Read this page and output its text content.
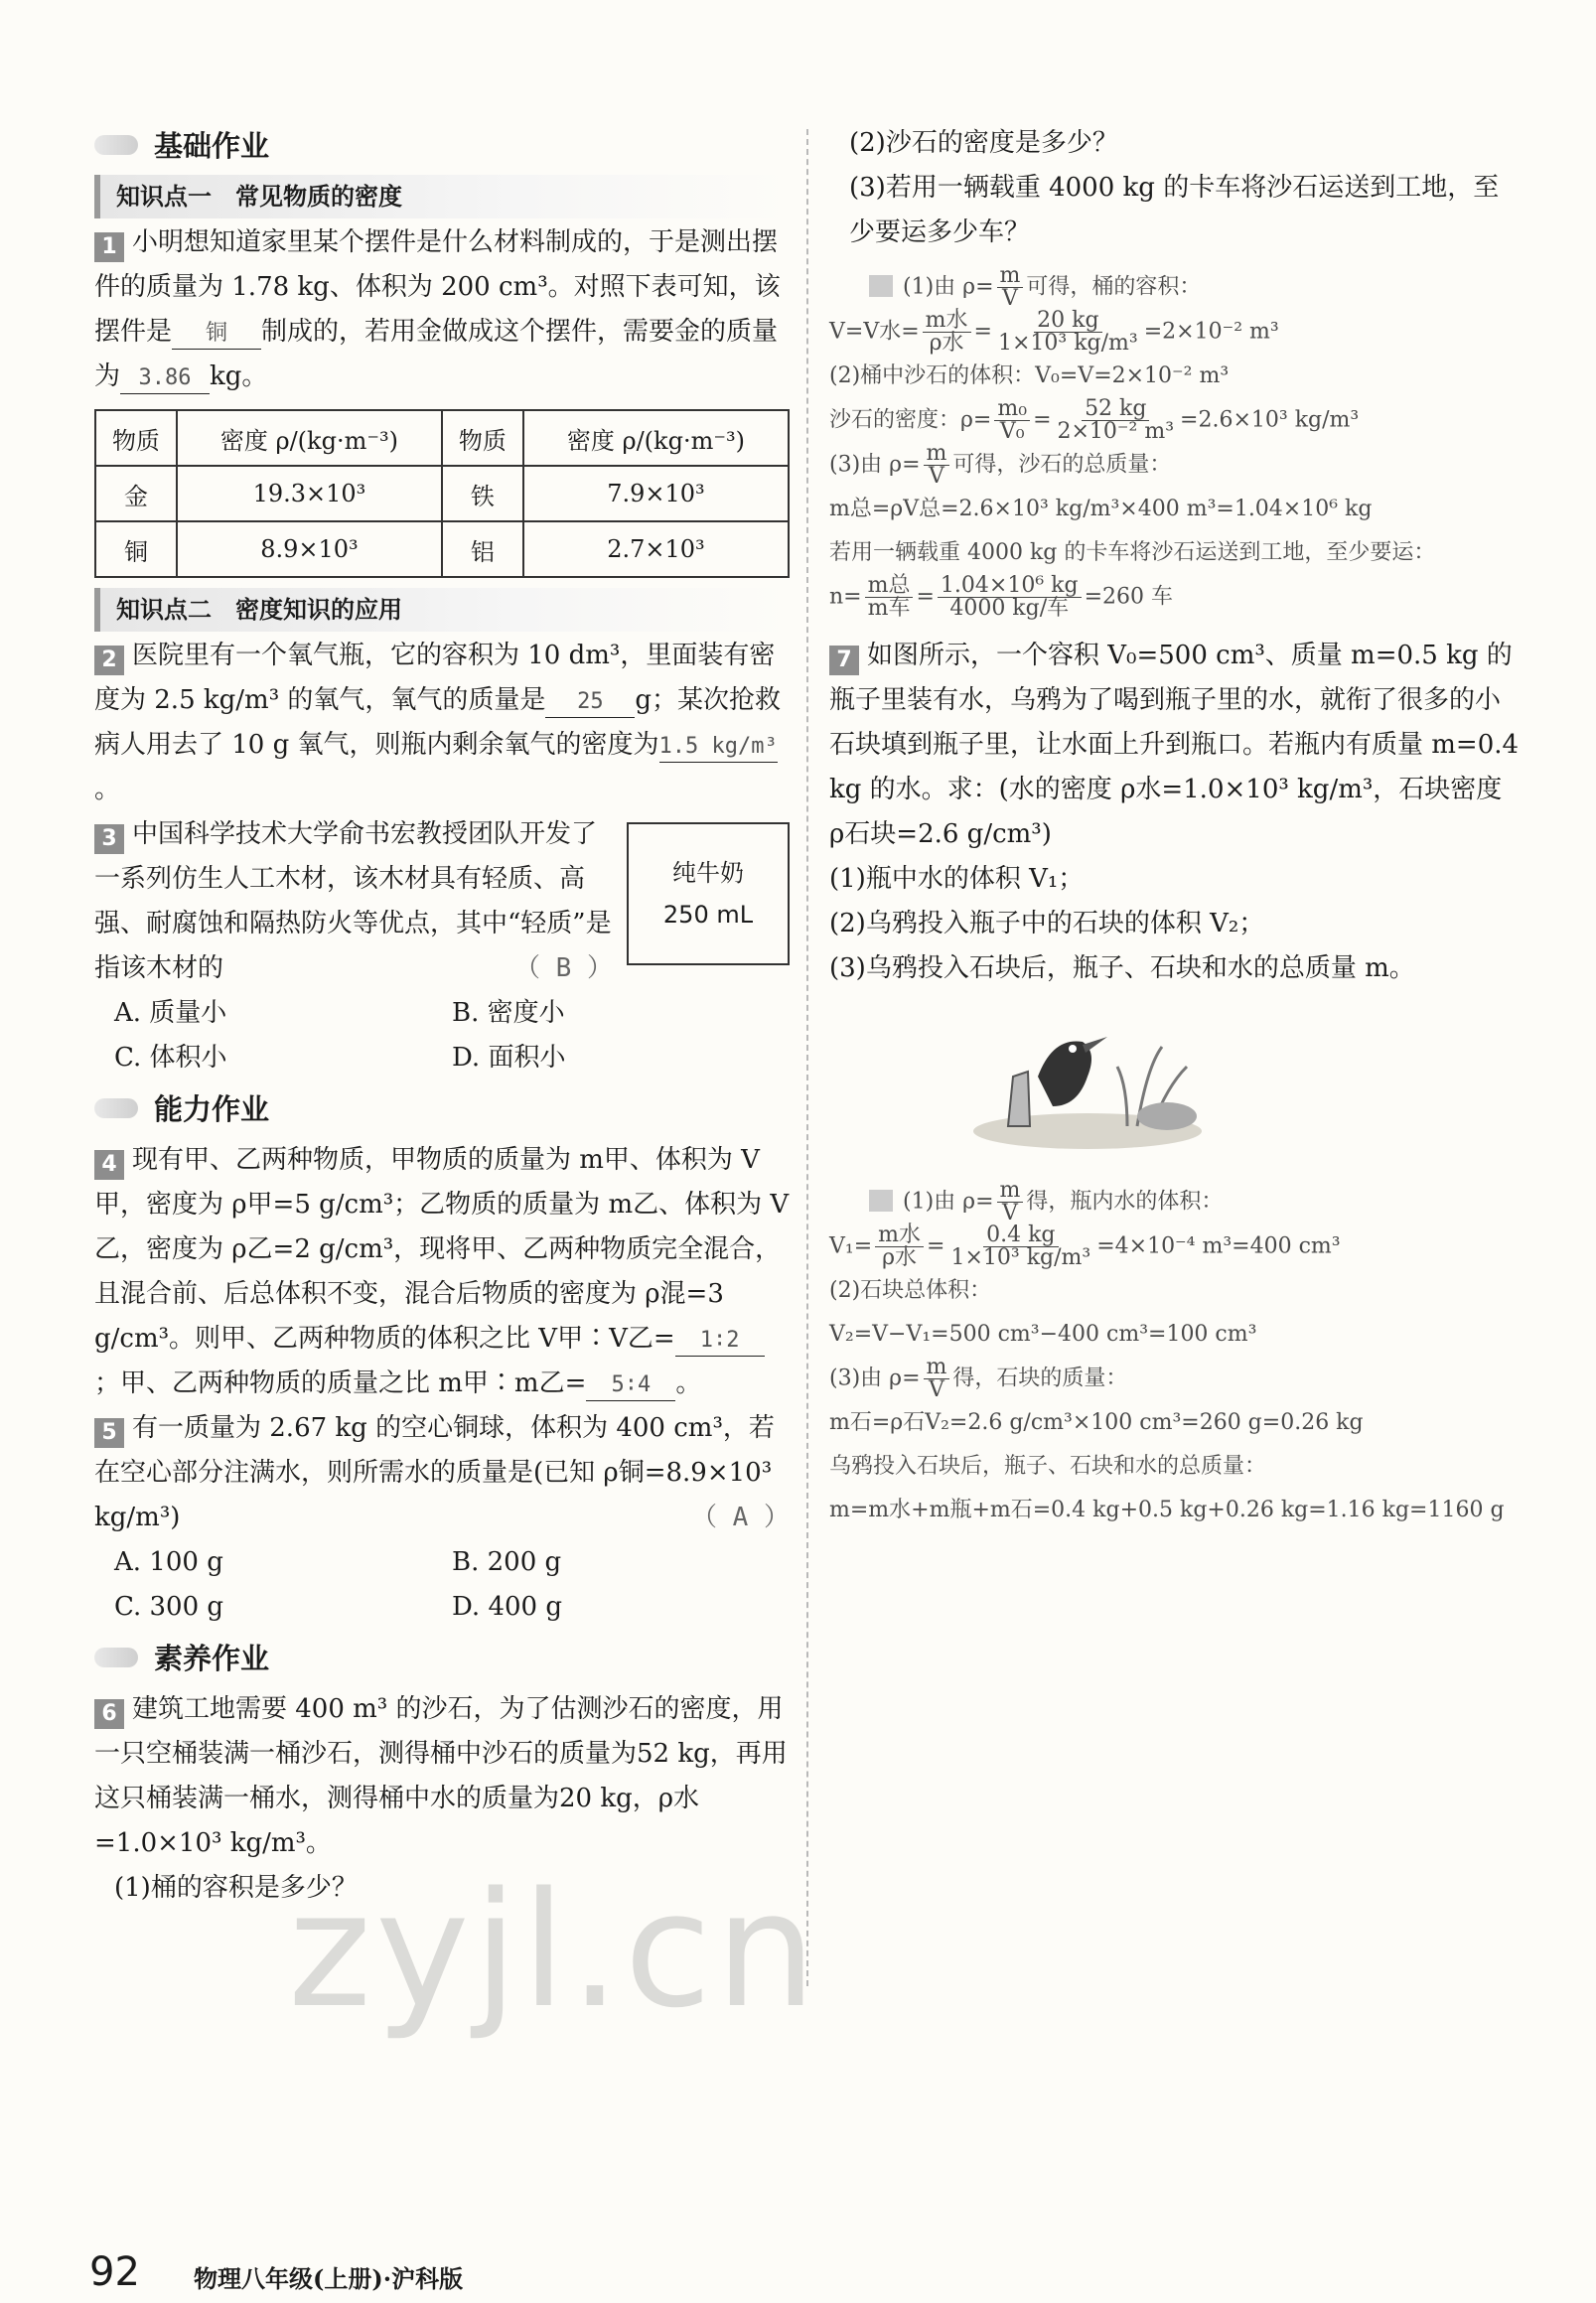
基础作业
知识点一　常见物质的密度

1 小明想知道家里某个摆件是什么材料制成的，于是测出摆件的质量为 1.78 kg、体积为 200 cm³。对照下表可知，该摆件是 铜 制成的，若用金做成这个摆件，需要金的质量为 3.86 kg。

物质	密度 ρ/(kg·m⁻³)	物质	密度 ρ/(kg·m⁻³)
金	19.3×10³	铁	7.9×10³
铜	8.9×10³	铝	2.7×10³
知识点二　密度知识的应用

2 医院里有一个氧气瓶，它的容积为 10 dm³，里面装有密度为 2.5 kg/m³ 的氧气，氧气的质量是 25 g；某次抢救病人用去了 10 g 氧气，则瓶内剩余氧气的密度为1.5 kg/m³。

纯牛奶
250 mL

3 中国科学技术大学俞书宏教授团队开发了一系列仿生人工木材，该木材具有轻质、高强、耐腐蚀和隔热防火等优点，其中“轻质”是指该木材的	（ B ）

A. 质量小	B. 密度小
C. 体积小	D. 面积小
能力作业

4 现有甲、乙两种物质，甲物质的质量为 m甲、体积为 V甲，密度为 ρ甲=5 g/cm³；乙物质的质量为 m乙、体积为 V乙，密度为 ρ乙=2 g/cm³，现将甲、乙两种物质完全混合，且混合前、后总体积不变，混合后物质的密度为 ρ混=3 g/cm³。则甲、乙两种物质的体积之比 V甲∶V乙= 1∶2；甲、乙两种物质的质量之比 m甲∶m乙= 5∶4 。

5 有一质量为 2.67 kg 的空心铜球，体积为 400 cm³，若在空心部分注满水，则所需水的质量是(已知 ρ铜=8.9×10³ kg/m³)	（ A ）

A. 100 g	B. 200 g
C. 300 g	D. 400 g
素养作业

6 建筑工地需要 400 m³ 的沙石，为了估测沙石的密度，用一只空桶装满一桶沙石，测得桶中沙石的质量为52 kg，再用这只桶装满一桶水，测得桶中水的质量为20 kg，ρ水=1.0×10³ kg/m³。

(1)桶的容积是多少？

(2)沙石的密度是多少？

(3)若用一辆载重 4000 kg 的卡车将沙石运送到工地，至少要运多少车？

(1)由 $\rho= \frac{m}{V}$ 可得，桶的容积：

V=V水= $\frac{\text{m水}}{\text{ρ水}} = \frac{20 kg}{\text{1×10³ kg/m³}} =2\times 10^{-2}$ m³

(2)桶中沙石的体积：V₀=V=2×10⁻² m³

沙石的密度：$\rho= \frac{\text{m₀}}{\text{V₀}} = \frac{52 kg}{\text{2×10⁻² m³}} =2.6\times 10^3$ kg/m³

(3)由 $\rho= \frac{m}{V}$ 可得，沙石的总质量：

m总=ρV总=2.6×10³ kg/m³×400 m³=1.04×10⁶ kg

若用一辆载重 4000 kg 的卡车将沙石运送到工地，至少要运：

$n= \frac{\text{m总}}{\text{m车}} = \frac{\text{1.04×10⁶ kg}}{\text{4000 kg/车}} =260$ 车

7 如图所示，一个容积 V₀=500 cm³、质量 m=0.5 kg 的瓶子里装有水，乌鸦为了喝到瓶子里的水，就衔了很多的小石块填到瓶子里，让水面上升到瓶口。若瓶内有质量 m=0.4 kg 的水。求：(水的密度 ρ水=1.0×10³ kg/m³，石块密度 ρ石块=2.6 g/cm³)

(1)瓶中水的体积 V₁；

(2)乌鸦投入瓶子中的石块的体积 V₂；

(3)乌鸦投入石块后，瓶子、石块和水的总质量 m。

(1)由 $\rho= \frac{m}{V}$ 得，瓶内水的体积：

$V_1= \frac{\text{m水}}{\text{ρ水}} = \frac{0.4 kg}{\text{1×10³ kg/m³}} =4\times 10^{-4}$ m³=400 cm³

(2)石块总体积：

V₂=V−V₁=500 cm³−400 cm³=100 cm³

(3)由 $\rho= \frac{m}{V}$ 得，石块的质量：

m石=ρ石V₂=2.6 g/cm³×100 cm³=260 g=0.26 kg

乌鸦投入石块后，瓶子、石块和水的总质量：

m=m水+m瓶+m石=0.4 kg+0.5 kg+0.26 kg=1.16 kg=1160 g

zyjl.cn
92 物理八年级(上册)·沪科版
